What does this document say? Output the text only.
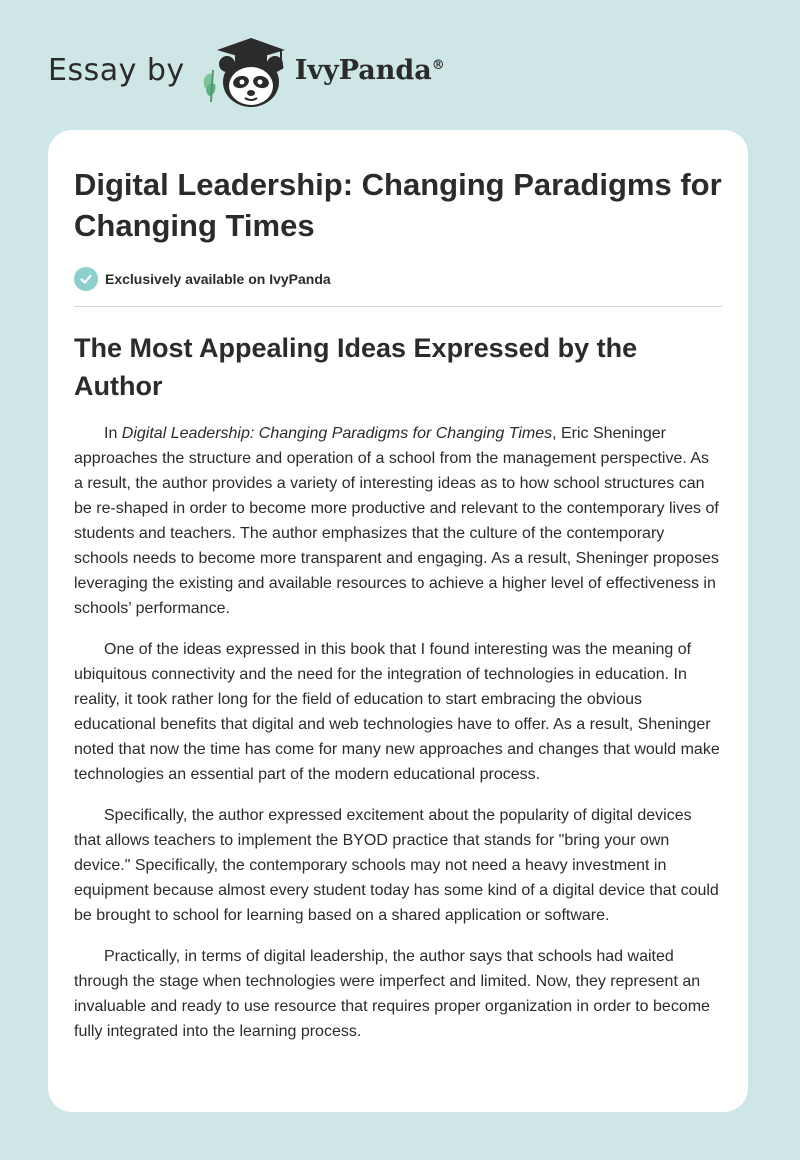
Essay by	IvyPanda®
Digital Leadership: Changing Paradigms for Changing Times
Exclusively available on IvyPanda
The Most Appealing Ideas Expressed by the Author

In Digital Leadership: Changing Paradigms for Changing Times, Eric Sheninger approaches the structure and operation of a school from the management perspective. As a result, the author provides a variety of interesting ideas as to how school structures can be re-shaped in order to become more productive and relevant to the contemporary lives of students and teachers. The author emphasizes that the culture of the contemporary schools needs to become more transparent and engaging. As a result, Sheninger proposes leveraging the existing and available resources to achieve a higher level of effectiveness in schools’ performance.

One of the ideas expressed in this book that I found interesting was the meaning of ubiquitous connectivity and the need for the integration of technologies in education. In reality, it took rather long for the field of education to start embracing the obvious educational benefits that digital and web technologies have to offer. As a result, Sheninger noted that now the time has come for many new approaches and changes that would make technologies an essential part of the modern educational process.

Specifically, the author expressed excitement about the popularity of digital devices that allows teachers to implement the BYOD practice that stands for "bring your own device." Specifically, the contemporary schools may not need a heavy investment in equipment because almost every student today has some kind of a digital device that could be brought to school for learning based on a shared application or software.

Practically, in terms of digital leadership, the author says that schools had waited through the stage when technologies were imperfect and limited. Now, they represent an invaluable and ready to use resource that requires proper organization in order to become fully integrated into the learning process.
